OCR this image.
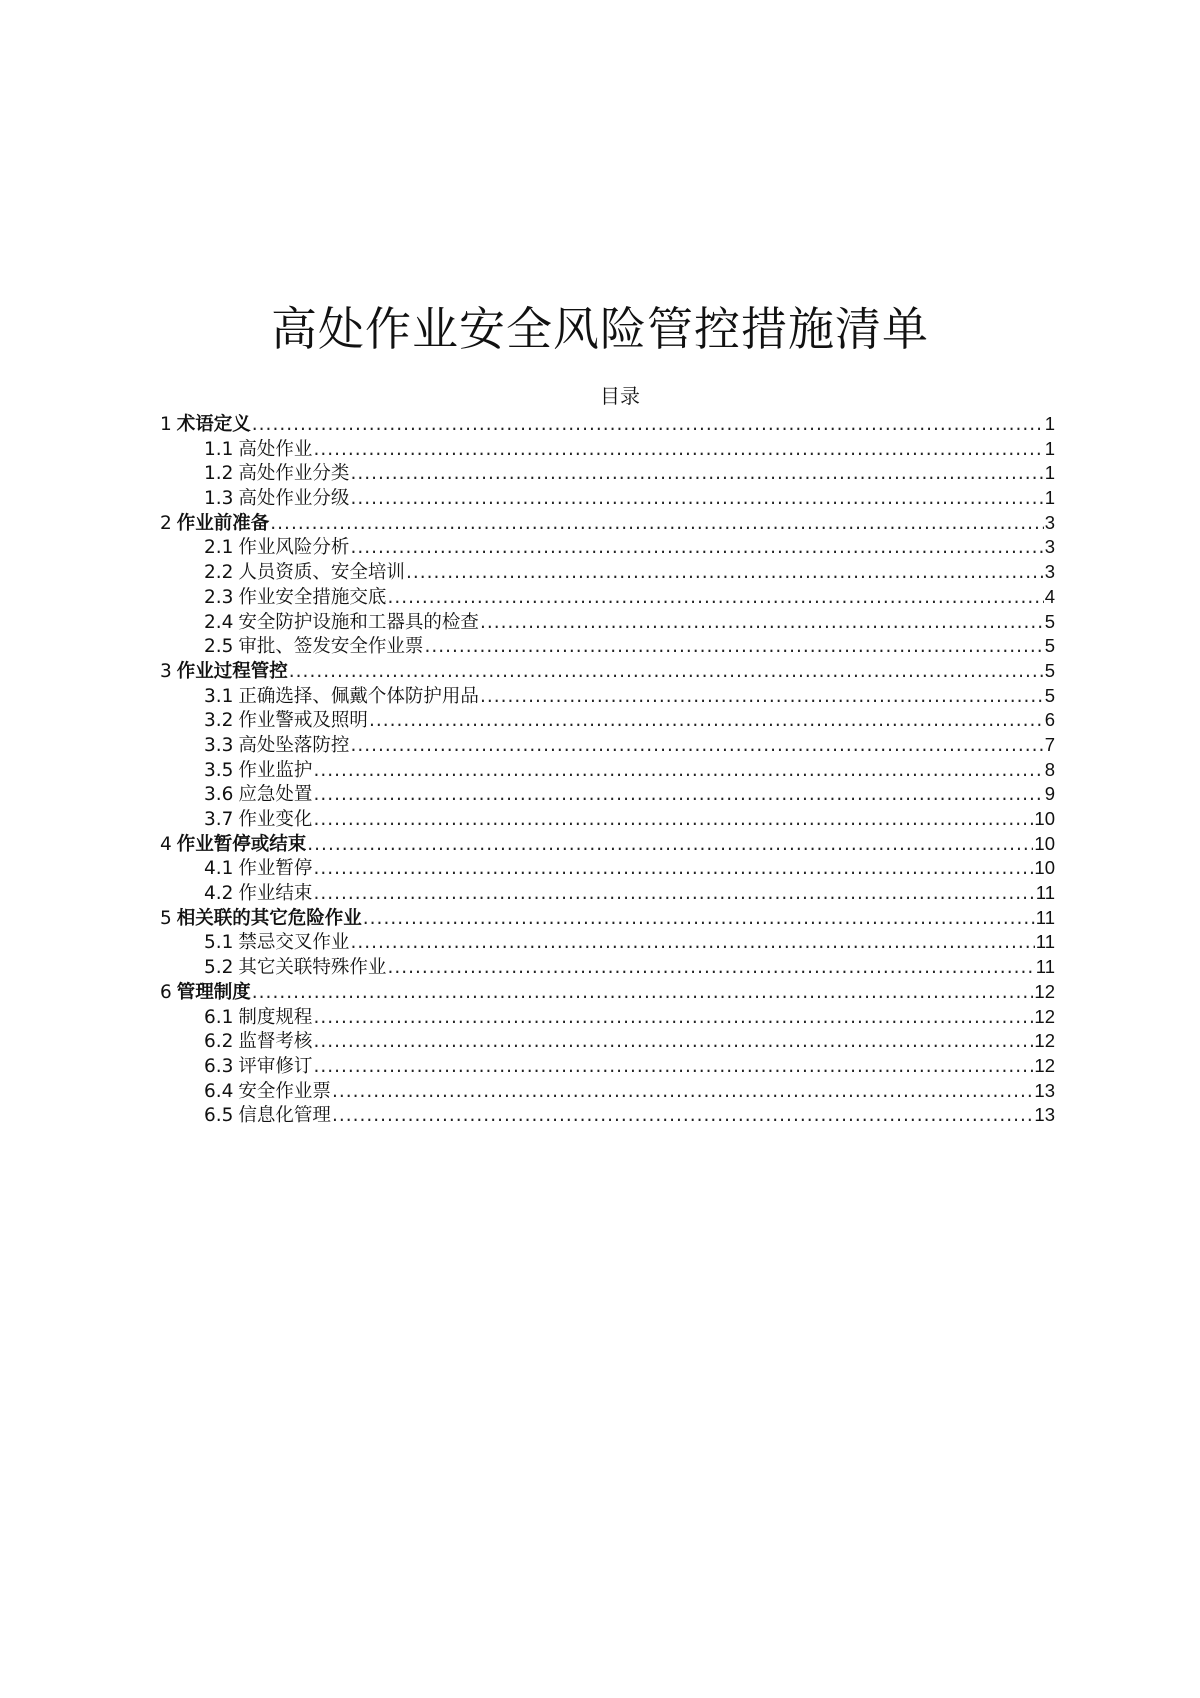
高处作业安全风险管控措施清单
目录
1 术语定义 .....	1
1.1 高处作业 .....	1
1.2 高处作业分类 .....	1
1.3 高处作业分级 .....	1
2 作业前准备 .....	3
2.1 作业风险分析 .....	3
2.2 人员资质、安全培训 .....	3
2.3 作业安全措施交底 .....	4
2.4 安全防护设施和工器具的检查 .....	5
2.5 审批、签发安全作业票 .....	5
3 作业过程管控 .....	5
3.1 正确选择、佩戴个体防护用品 .....	5
3.2 作业警戒及照明 .....	6
3.3 高处坠落防控 .....	7
3.5 作业监护 .....	8
3.6 应急处置 .....	9
3.7 作业变化 .....	10
4 作业暂停或结束 .....	10
4.1 作业暂停 .....	10
4.2 作业结束 .....	11
5 相关联的其它危险作业 .....	11
5.1 禁忌交叉作业 .....	11
5.2 其它关联特殊作业 .....	11
6 管理制度 .....	12
6.1 制度规程 .....	12
6.2 监督考核 .....	12
6.3 评审修订 .....	12
6.4 安全作业票 .....	13
6.5 信息化管理 .....	13
